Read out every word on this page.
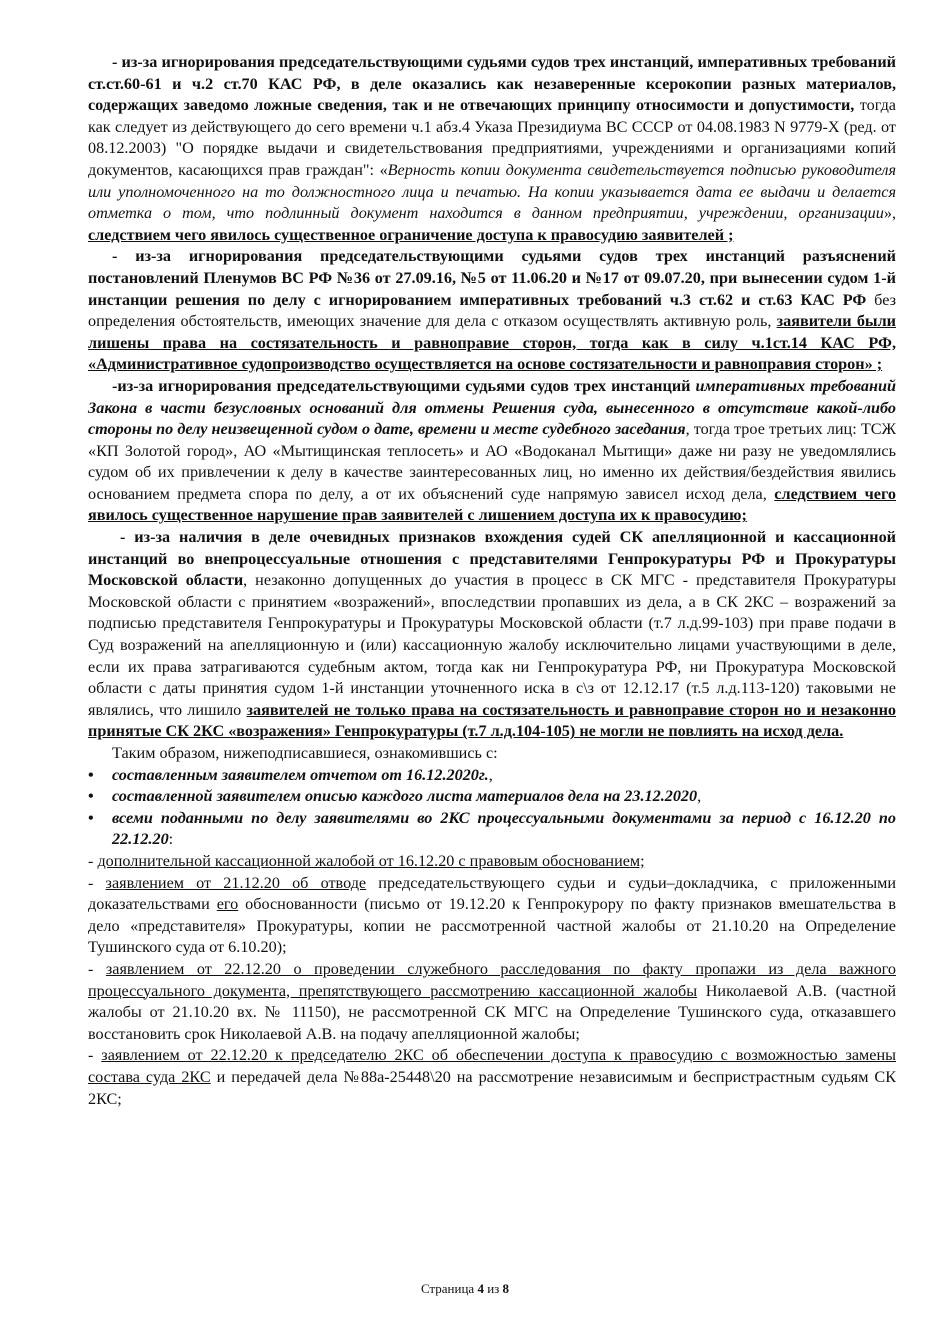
- из-за игнорирования председательствующими судьями судов трех инстанций, императивных требований ст.ст.60-61 и ч.2 ст.70 КАС РФ, в деле оказались как незаверенные ксерокопии разных материалов, содержащих заведомо ложные сведения, так и не отвечающих принципу относимости и допустимости, тогда как следует из действующего до сего времени ч.1 абз.4 Указа Президиума ВС СССР от 04.08.1983 N 9779-X (ред. от 08.12.2003) "О порядке выдачи и свидетельствования предприятиями, учреждениями и организациями копий документов, касающихся прав граждан": «Верность копии документа свидетельствуется подписью руководителя или уполномоченного на то должностного лица и печатью. На копии указывается дата ее выдачи и делается отметка о том, что подлинный документ находится в данном предприятии, учреждении, организации», следствием чего явилось существенное ограничение доступа к правосудию заявителей ;

- из-за игнорирования председательствующими судьями судов трех инстанций разъяснений постановлений Пленумов ВС РФ №36 от 27.09.16, №5 от 11.06.20 и №17 от 09.07.20, при вынесении судом 1-й инстанции решения по делу с игнорированием императивных требований ч.3 ст.62 и ст.63 КАС РФ без определения обстоятельств, имеющих значение для дела с отказом осуществлять активную роль, заявители были лишены права на состязательность и равноправие сторон, тогда как в силу ч.1ст.14 КАС РФ, «Административное судопроизводство осуществляется на основе состязательности и равноправия сторон» ;

-из-за игнорирования председательствующими судьями судов трех инстанций императивных требований Закона в части безусловных оснований для отмены Решения суда, вынесенного в отсутствие какой-либо стороны по делу неизвещенной судом о дате, времени и месте судебного заседания, тогда трое третьих лиц: ТСЖ «КП Золотой город», АО «Мытищинская теплосеть» и АО «Водоканал Мытищи» даже ни разу не уведомлялись судом об их привлечении к делу в качестве заинтересованных лиц, но именно их действия/бездействия явились основанием предмета спора по делу, а от их объяснений суде напрямую зависел исход дела, следствием чего явилось существенное нарушение прав заявителей с лишением доступа их к правосудию;

- из-за наличия в деле очевидных признаков вхождения судей СК апелляционной и кассационной инстанций во внепроцессуальные отношения с представителями Генпрокуратуры РФ и Прокуратуры Московской области, незаконно допущенных до участия в процесс в СК МГС - представителя Прокуратуры Московской области с принятием «возражений», впоследствии пропавших из дела, а в СК 2КС – возражений за подписью представителя Генпрокуратуры и Прокуратуры Московской области (т.7 л.д.99-103) при праве подачи в Суд возражений на апелляционную и (или) кассационную жалобу исключительно лицами участвующими в деле, если их права затрагиваются судебным актом, тогда как ни Генпрокуратура РФ, ни Прокуратура Московской области с даты принятия судом 1-й инстанции уточненного иска в с\з от 12.12.17 (т.5 л.д.113-120) таковыми не являлись, что лишило заявителей не только права на состязательность и равноправие сторон но и незаконно принятые СК 2КС «возражения» Генпрокуратуры (т.7 л.д.104-105) не могли не повлиять на исход дела.

Таким образом, нижеподписавшиеся, ознакомившись с:

• составленным заявителем отчетом от 16.12.2020г.,
• составленной заявителем описью каждого листа материалов дела на 23.12.2020,
• всеми поданными по делу заявителями во 2КС процессуальными документами за период с 16.12.20 по 22.12.20:

- дополнительной кассационной жалобой от 16.12.20 с правовым обоснованием;

- заявлением от 21.12.20 об отводе председательствующего судьи и судьи–докладчика, с приложенными доказательствами его обоснованности (письмо от 19.12.20 к Генпрокурору по факту признаков вмешательства в дело «представителя» Прокуратуры, копии не рассмотренной частной жалобы от 21.10.20 на Определение Тушинского суда от 6.10.20);

- заявлением от 22.12.20 о проведении служебного расследования по факту пропажи из дела важного процессуального документа, препятствующего рассмотрению кассационной жалобы Николаевой А.В. (частной жалобы от 21.10.20 вх. № 11150), не рассмотренной СК МГС на Определение Тушинского суда, отказавшего восстановить срок Николаевой А.В. на подачу апелляционной жалобы;

- заявлением от 22.12.20 к председателю 2КС об обеспечении доступа к правосудию с возможностью замены состава суда 2КС и передачей дела №88а-25448\20 на рассмотрение независимым и беспристрастным судьям СК 2КС;

Страница 4 из 8
